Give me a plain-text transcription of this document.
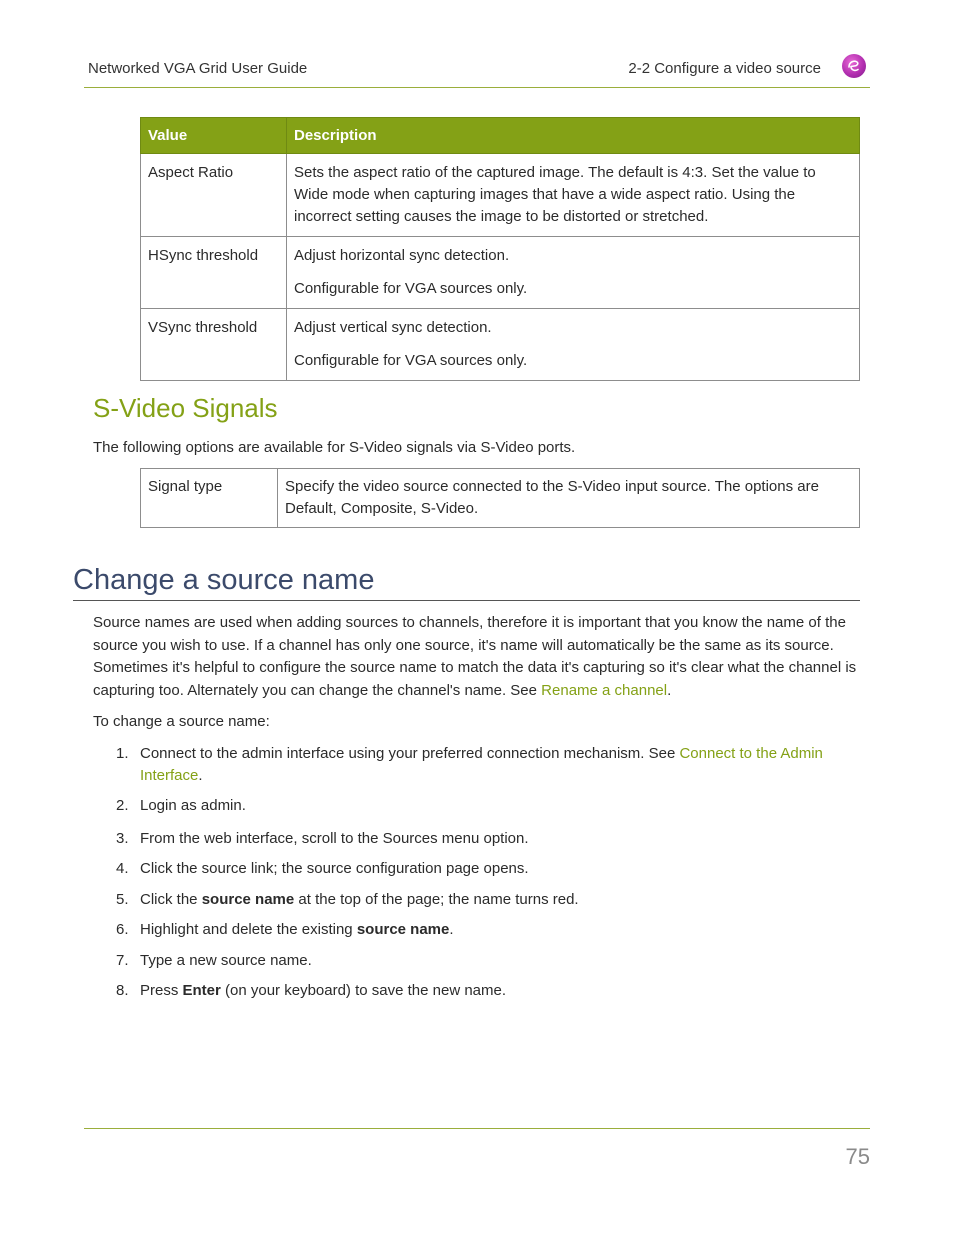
Networked VGA Grid User Guide	2-2 Configure a video source
Value	Description
Aspect Ratio	Sets the aspect ratio of the captured image. The default is 4:3. Set the value to Wide mode when capturing images that have a wide aspect ratio. Using the incorrect setting causes the image to be distorted or stretched.

HSync threshold	Adjust horizontal sync detection.

Configurable for VGA sources only.

VSync threshold	Adjust vertical sync detection.

Configurable for VGA sources only.

S-Video Signals
The following options are available for S-Video signals via S-Video ports.
Signal type	Specify the video source connected to the S-Video input source. The options are Default, Composite, S-Video.
Change a source name
Source names are used when adding sources to channels, therefore it is important that you know the name of the source you wish to use. If a channel has only one source, it's name will automatically be the same as its source. Sometimes it's helpful to configure the source name to match the data it's capturing so it's clear what the channel is capturing too. Alternately you can change the channel's name. See Rename a channel.
To change a source name:
1. Connect to the admin interface using your preferred connection mechanism. See Connect to the Admin Interface.
2. Login as admin.
3. From the web interface, scroll to the Sources menu option.
4. Click the source link; the source configuration page opens.
5. Click the source name at the top of the page; the name turns red.
6. Highlight and delete the existing source name.
7. Type a new source name.
8. Press Enter (on your keyboard) to save the new name.
75
